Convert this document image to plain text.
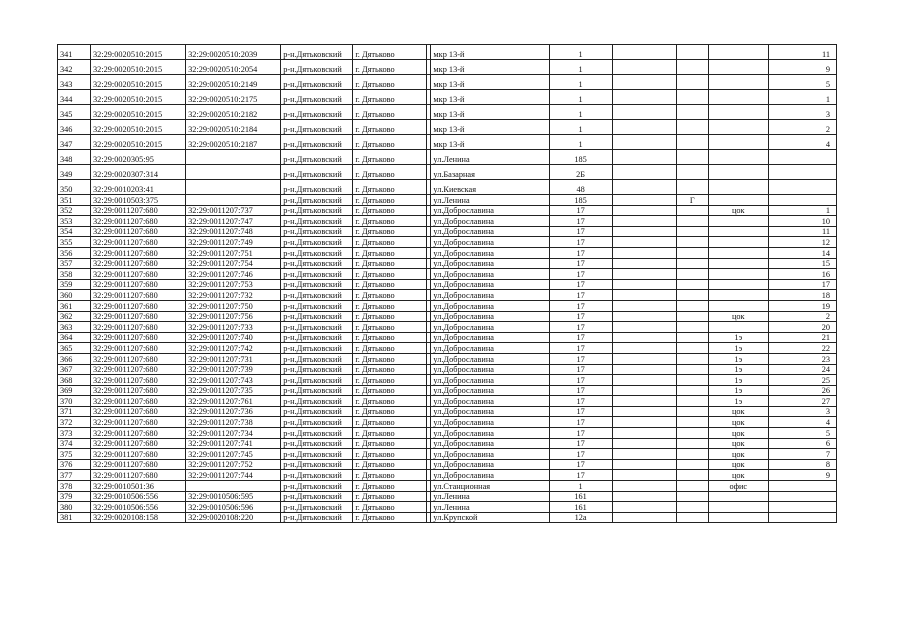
341	32:29:0020510:2015	32:29:0020510:2039	р-н.Дятьковский	г. Дятьково		мкр 13-й	1				11
342	32:29:0020510:2015	32:29:0020510:2054	р-н.Дятьковский	г. Дятьково		мкр 13-й	1				9
343	32:29:0020510:2015	32:29:0020510:2149	р-н.Дятьковский	г. Дятьково		мкр 13-й	1				5
344	32:29:0020510:2015	32:29:0020510:2175	р-н.Дятьковский	г. Дятьково		мкр 13-й	1				1
345	32:29:0020510:2015	32:29:0020510:2182	р-н.Дятьковский	г. Дятьково		мкр 13-й	1				3
346	32:29:0020510:2015	32:29:0020510:2184	р-н.Дятьковский	г. Дятьково		мкр 13-й	1				2
347	32:29:0020510:2015	32:29:0020510:2187	р-н.Дятьковский	г. Дятьково		мкр 13-й	1				4
348	32:29:0020305:95		р-н.Дятьковский	г. Дятьково		ул.Ленина	185				
349	32:29:0020307:314		р-н.Дятьковский	г. Дятьково		ул.Базарная	2Б				
350	32:29:0010203:41		р-н.Дятьковский	г. Дятьково		ул.Киевская	48				
351	32:29:0010503:375		р-н.Дятьковский	г. Дятьково		ул.Ленина	185		Г		
352	32:29:0011207:680	32:29:0011207:737	р-н.Дятьковский	г. Дятьково		ул.Доброславина	17			цок	1
353	32:29:0011207:680	32:29:0011207:747	р-н.Дятьковский	г. Дятьково		ул.Доброславина	17				10
354	32:29:0011207:680	32:29:0011207:748	р-н.Дятьковский	г. Дятьково		ул.Доброславина	17				11
355	32:29:0011207:680	32:29:0011207:749	р-н.Дятьковский	г. Дятьково		ул.Доброславина	17				12
356	32:29:0011207:680	32:29:0011207:751	р-н.Дятьковский	г. Дятьково		ул.Доброславина	17				14
357	32:29:0011207:680	32:29:0011207:754	р-н.Дятьковский	г. Дятьково		ул.Доброславина	17				15
358	32:29:0011207:680	32:29:0011207:746	р-н.Дятьковский	г. Дятьково		ул.Доброславина	17				16
359	32:29:0011207:680	32:29:0011207:753	р-н.Дятьковский	г. Дятьково		ул.Доброславина	17				17
360	32:29:0011207:680	32:29:0011207:732	р-н.Дятьковский	г. Дятьково		ул.Доброславина	17				18
361	32:29:0011207:680	32:29:0011207:750	р-н.Дятьковский	г. Дятьково		ул.Доброславина	17				19
362	32:29:0011207:680	32:29:0011207:756	р-н.Дятьковский	г. Дятьково		ул.Доброславина	17			цок	2
363	32:29:0011207:680	32:29:0011207:733	р-н.Дятьковский	г. Дятьково		ул.Доброславина	17				20
364	32:29:0011207:680	32:29:0011207:740	р-н.Дятьковский	г. Дятьково		ул.Доброславина	17			1э	21
365	32:29:0011207:680	32:29:0011207:742	р-н.Дятьковский	г. Дятьково		ул.Доброславина	17			1э	22
366	32:29:0011207:680	32:29:0011207:731	р-н.Дятьковский	г. Дятьково		ул.Доброславина	17			1э	23
367	32:29:0011207:680	32:29:0011207:739	р-н.Дятьковский	г. Дятьково		ул.Доброславина	17			1э	24
368	32:29:0011207:680	32:29:0011207:743	р-н.Дятьковский	г. Дятьково		ул.Доброславина	17			1э	25
369	32:29:0011207:680	32:29:0011207:735	р-н.Дятьковский	г. Дятьково		ул.Доброславина	17			1э	26
370	32:29:0011207:680	32:29:0011207:761	р-н.Дятьковский	г. Дятьково		ул.Доброславина	17			1э	27
371	32:29:0011207:680	32:29:0011207:736	р-н.Дятьковский	г. Дятьково		ул.Доброславина	17			цок	3
372	32:29:0011207:680	32:29:0011207:738	р-н.Дятьковский	г. Дятьково		ул.Доброславина	17			цок	4
373	32:29:0011207:680	32:29:0011207:734	р-н.Дятьковский	г. Дятьково		ул.Доброславина	17			цок	5
374	32:29:0011207:680	32:29:0011207:741	р-н.Дятьковский	г. Дятьково		ул.Доброславина	17			цок	6
375	32:29:0011207:680	32:29:0011207:745	р-н.Дятьковский	г. Дятьково		ул.Доброславина	17			цок	7
376	32:29:0011207:680	32:29:0011207:752	р-н.Дятьковский	г. Дятьково		ул.Доброславина	17			цок	8
377	32:29:0011207:680	32:29:0011207:744	р-н.Дятьковский	г. Дятьково		ул.Доброславина	17			цок	9
378	32:29:0010501:36		р-н.Дятьковский	г. Дятьково		ул.Станционная	1			офис	
379	32:29:0010506:556	32:29:0010506:595	р-н.Дятьковский	г. Дятьково		ул.Ленина	161				
380	32:29:0010506:556	32:29:0010506:596	р-н.Дятьковский	г. Дятьково		ул.Ленина	161				
381	32:29:0020108:158	32:29:0020108:220	р-н.Дятьковский	г. Дятьково		ул.Крупской	12а				
